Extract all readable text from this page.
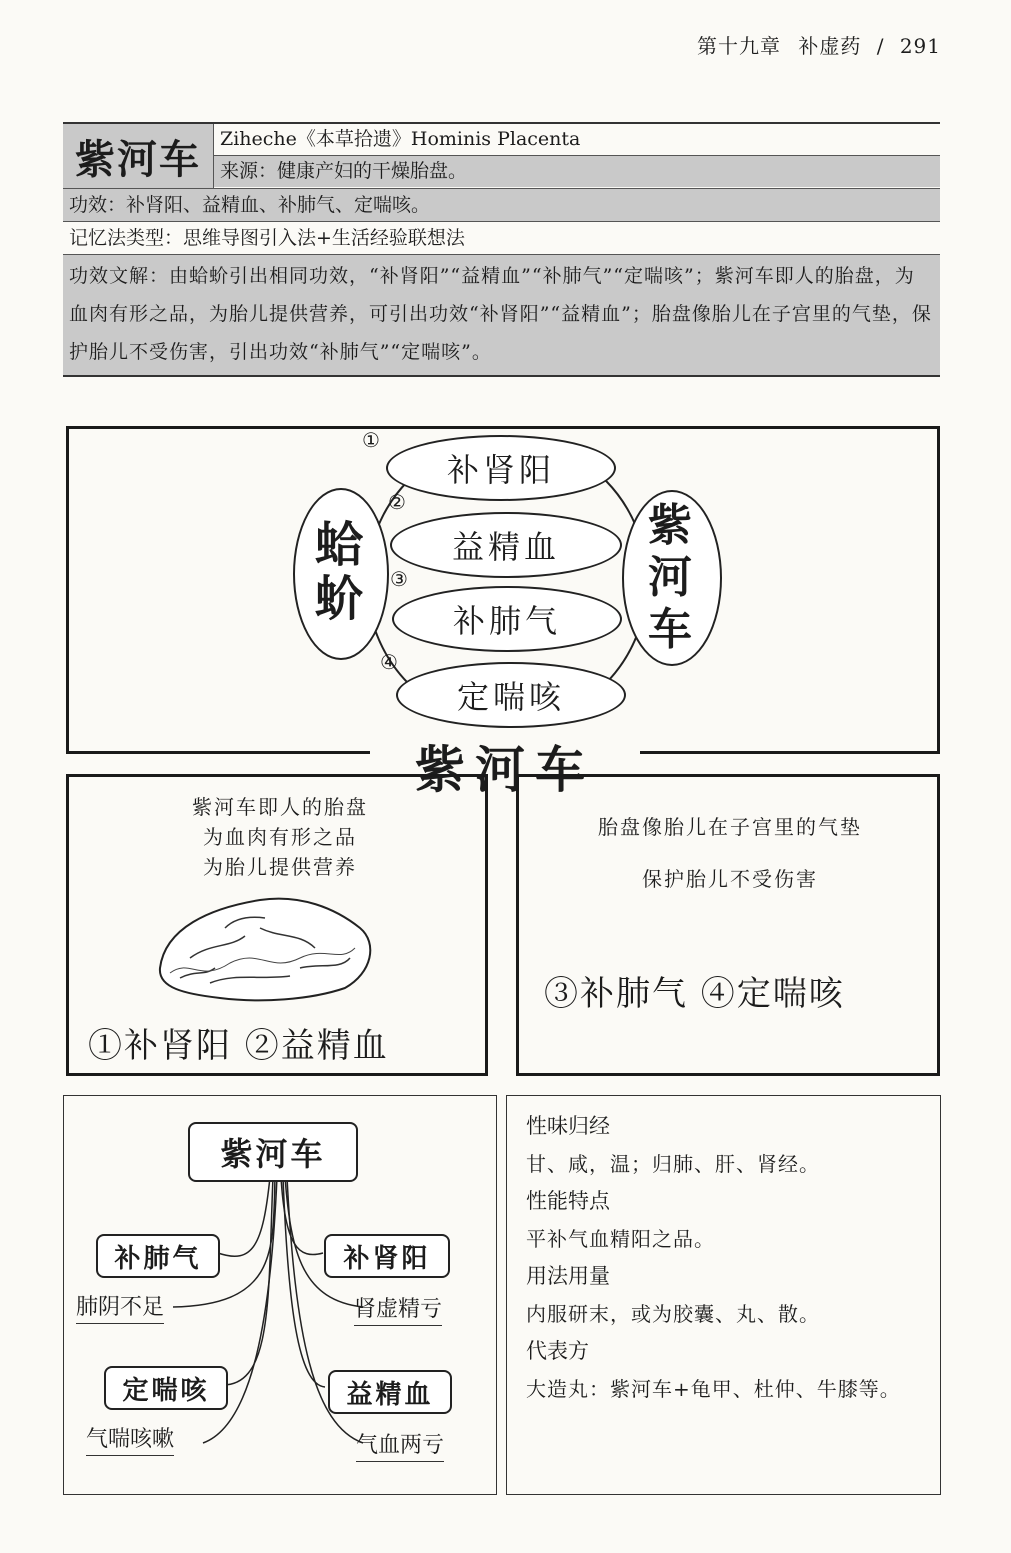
第十九章 补虚药 / 291
紫河车	Ziheche《本草拾遗》Hominis Placenta
来源：健康产妇的干燥胎盘。
功效：补肾阳、益精血、补肺气、定喘咳。
记忆法类型：思维导图引入法+生活经验联想法
功效文解：由蛤蚧引出相同功效，“补肾阳”“益精血”“补肺气”“定喘咳”；紫河车即人的胎盘，为血肉有形之品，为胎儿提供营养，可引出功效“补肾阳”“益精血”；胎盘像胎儿在子宫里的气垫，保护胎儿不受伤害，引出功效“补肺气”“定喘咳”。
蛤蚧
紫河车
①
补肾阳
②
益精血
③
补肺气
④
定喘咳
紫河车
紫河车即人的胎盘
为血肉有形之品
为胎儿提供营养
①补肾阳 ②益精血
胎盘像胎儿在子宫里的气垫
保护胎儿不受伤害
③补肺气 ④定喘咳
紫河车
补肺气
肺阴不足
补肾阳
肾虚精亏
定喘咳
气喘咳嗽
益精血
气血两亏
性味归经
甘、咸，温；归肺、肝、肾经。
性能特点
平补气血精阳之品。
用法用量
内服研末，或为胶囊、丸、散。
代表方
大造丸：紫河车+龟甲、杜仲、牛膝等。
